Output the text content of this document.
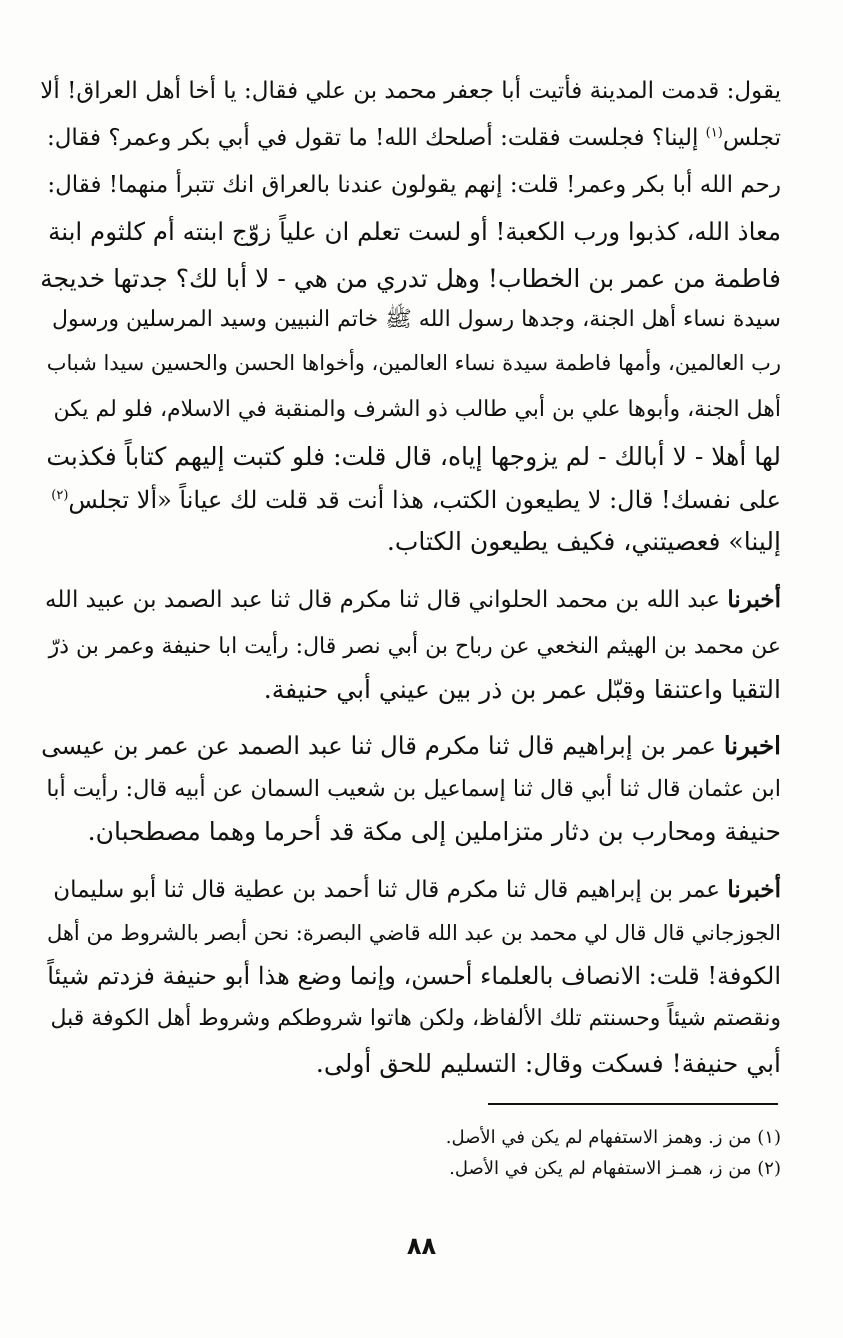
يقول: قدمت المدينة فأتيت أبا جعفر محمد بن علي فقال: يا أخا أهل العراق! ألا
تجلس$^{(١)}$ إلينا؟ فجلست فقلت: أصلحك الله! ما تقول في أبي بكر وعمر؟ فقال:
رحم الله أبا بكر وعمر! قلت: إنهم يقولون عندنا بالعراق انك تتبرأ منهما! فقال:
معاذ الله، كذبوا ورب الكعبة! أو لست تعلم ان علياً زوّج ابنته أم كلثوم ابنة
فاطمة من عمر بن الخطاب! وهل تدري من هي - لا أبا لك؟ جدتها خديجة
سيدة نساء أهل الجنة، وجدها رسول الله ﷺ خاتم النبيين وسيد المرسلين ورسول
رب العالمين، وأمها فاطمة سيدة نساء العالمين، وأخواها الحسن والحسين سيدا شباب
أهل الجنة، وأبوها علي بن أبي طالب ذو الشرف والمنقبة في الاسلام، فلو لم يكن
لها أهلا - لا أبالك - لم يزوجها إياه، قال قلت: فلو كتبت إليهم كتاباً فكذبت
على نفسك! قال: لا يطيعون الكتب، هذا أنت قد قلت لك عياناً «ألا تجلس$^{(٢)}$
إلينا» فعصيتني، فكيف يطيعون الكتاب.
أخبرنا عبد الله بن محمد الحلواني قال ثنا مكرم قال ثنا عبد الصمد بن عبيد الله
عن محمد بن الهيثم النخعي عن رباح بن أبي نصر قال: رأيت ابا حنيفة وعمر بن ذرّ
التقيا واعتنقا وقبّل عمر بن ذر بين عيني أبي حنيفة.
اخبرنا عمر بن إبراهيم قال ثنا مكرم قال ثنا عبد الصمد عن عمر بن عيسى
ابن عثمان قال ثنا أبي قال ثنا إسماعيل بن شعيب السمان عن أبيه قال: رأيت أبا
حنيفة ومحارب بن دثار متزاملين إلى مكة قد أحرما وهما مصطحبان.
أخبرنا عمر بن إبراهيم قال ثنا مكرم قال ثنا أحمد بن عطية قال ثنا أبو سليمان
الجوزجاني قال قال لي محمد بن عبد الله قاضي البصرة: نحن أبصر بالشروط من أهل
الكوفة! قلت: الانصاف بالعلماء أحسن، وإنما وضع هذا أبو حنيفة فزدتم شيئاً
ونقصتم شيئاً وحسنتم تلك الألفاظ، ولكن هاتوا شروطكم وشروط أهل الكوفة قبل
أبي حنيفة! فسكت وقال: التسليم للحق أولى.
(١) من ز. وهمز الاستفهام لم يكن في الأصل.
(٢) من ز، همـز الاستفهام لم يكن في الأصل.
٨٨
